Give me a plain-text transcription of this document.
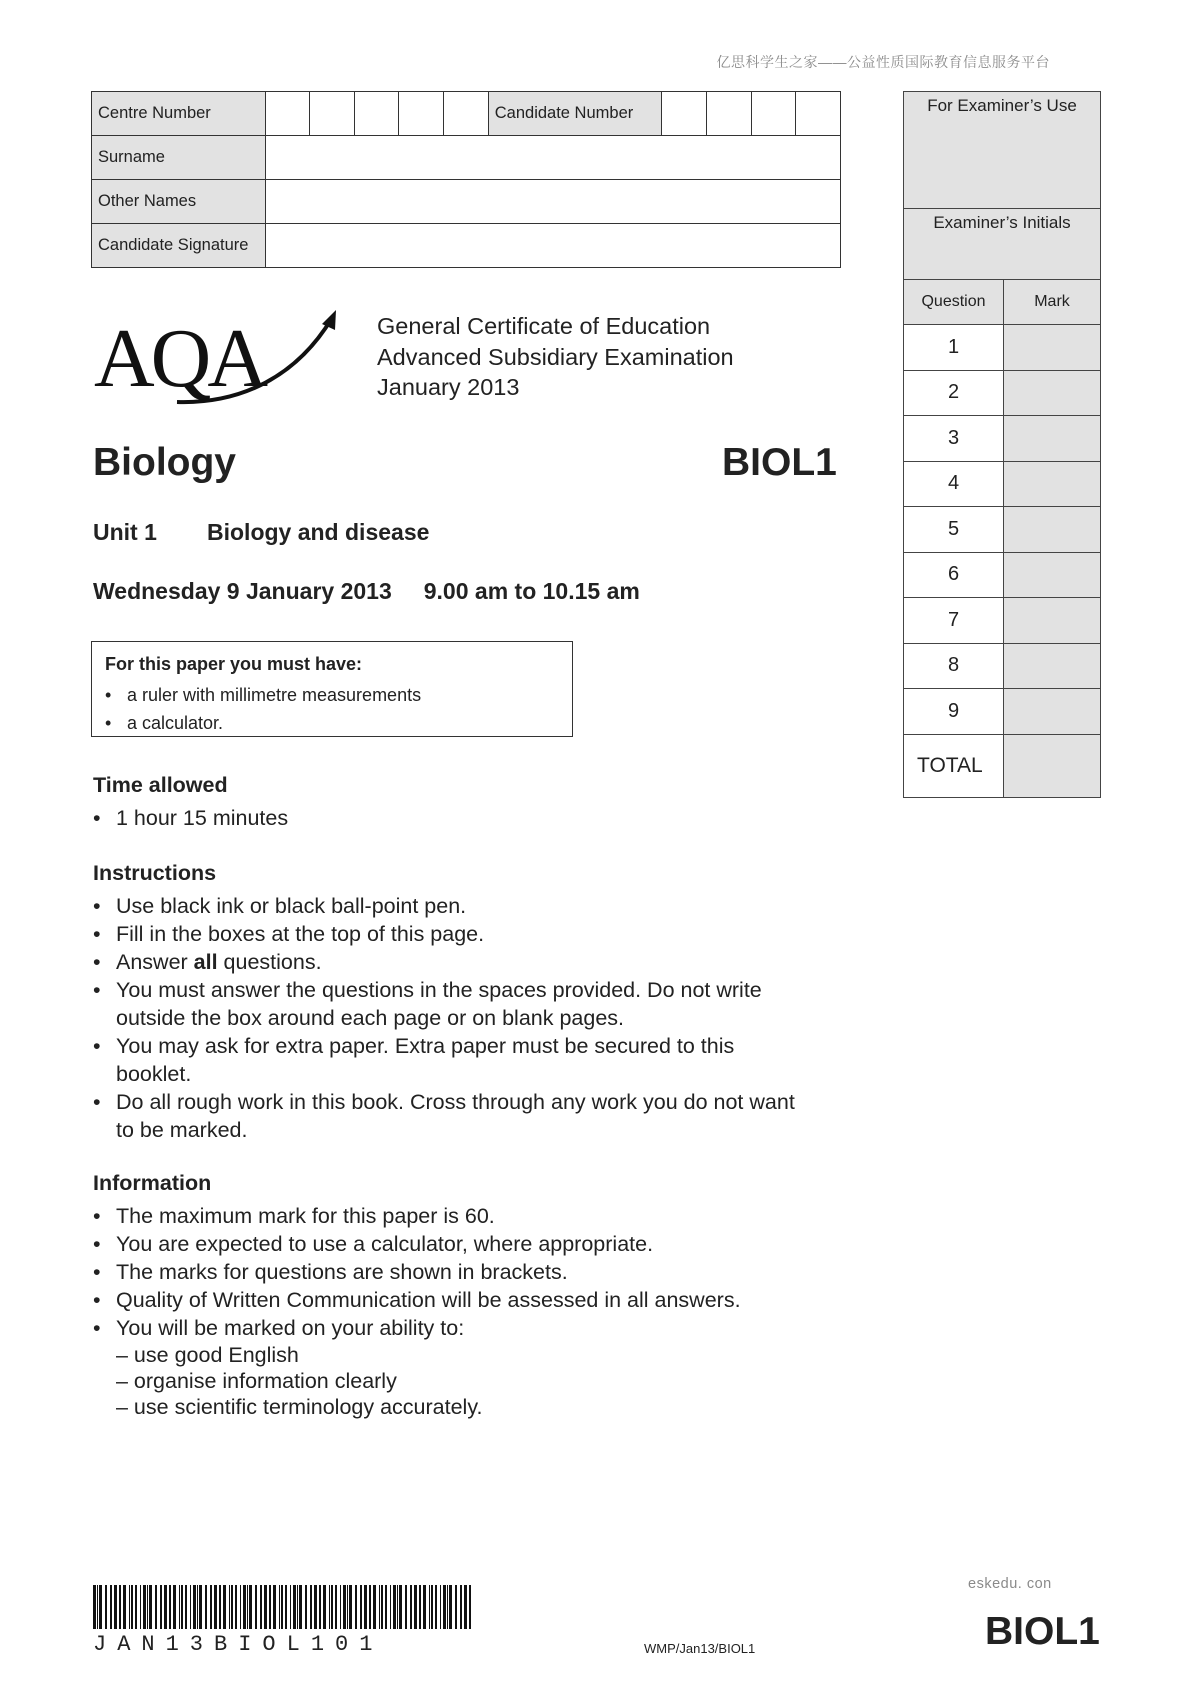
亿思科学生之家——公益性质国际教育信息服务平台
Centre Number						Candidate Number				
Surname										
Other Names										
Candidate Signature										
For Examiner’s Use	
Examiner’s Initials	
Question	Mark
1	
2	
3	
4	
5	
6	
7	
8	
9	
TOTAL	
AQA	General Certificate of Education
Advanced Subsidiary Examination
January 2013
Biology	BIOL1
Unit 1 Biology and disease
Wednesday 9 January 2013 9.00 am to 10.15 am
For this paper you must have:
• a ruler with millimetre measurements
• a calculator.
Time allowed
• 1 hour 15 minutes
Instructions
• Use black ink or black ball-point pen.
• Fill in the boxes at the top of this page.
• Answer all questions.
• You must answer the questions in the spaces provided. Do not write outside the box around each page or on blank pages.
• You may ask for extra paper. Extra paper must be secured to this booklet.
• Do all rough work in this book. Cross through any work you do not want to be marked.
Information
• The maximum mark for this paper is 60.
• You are expected to use a calculator, where appropriate.
• The marks for questions are shown in brackets.
• Quality of Written Communication will be assessed in all answers.
• You will be marked on your ability to:
– use good English
– organise information clearly
– use scientific terminology accurately.
eskedu. con
JAN13BIOL101	WMP/Jan13/BIOL1	BIOL1
